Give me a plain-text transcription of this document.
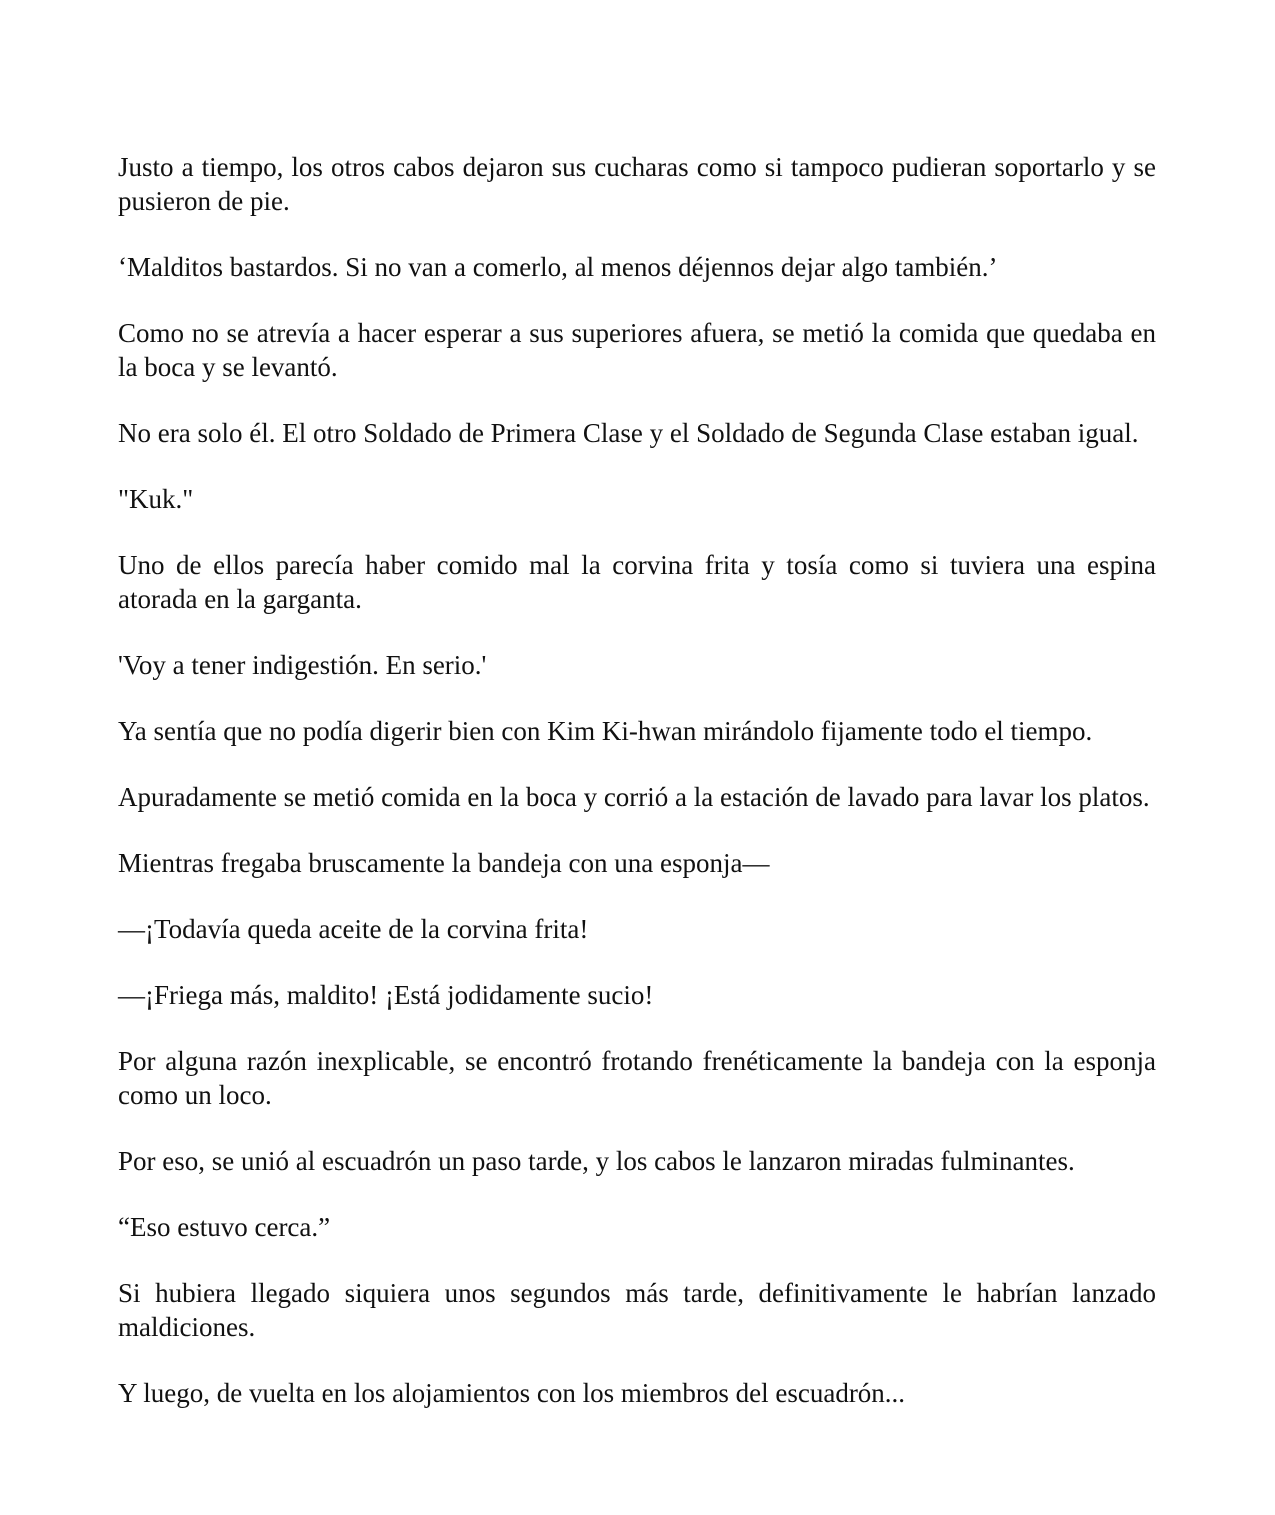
Justo a tiempo, los otros cabos dejaron sus cucharas como si tampoco pudieran soportarlo y se pusieron de pie.

‘Malditos bastardos. Si no van a comerlo, al menos déjennos dejar algo también.’

Como no se atrevía a hacer esperar a sus superiores afuera, se metió la comida que quedaba en la boca y se levantó.

No era solo él. El otro Soldado de Primera Clase y el Soldado de Segunda Clase estaban igual.

"Kuk."

Uno de ellos parecía haber comido mal la corvina frita y tosía como si tuviera una espina atorada en la garganta.

'Voy a tener indigestión. En serio.'

Ya sentía que no podía digerir bien con Kim Ki-hwan mirándolo fijamente todo el tiempo.

Apuradamente se metió comida en la boca y corrió a la estación de lavado para lavar los platos.

Mientras fregaba bruscamente la bandeja con una esponja—

—¡Todavía queda aceite de la corvina frita!

—¡Friega más, maldito! ¡Está jodidamente sucio!

Por alguna razón inexplicable, se encontró frotando frenéticamente la bandeja con la esponja como un loco.

Por eso, se unió al escuadrón un paso tarde, y los cabos le lanzaron miradas fulminantes.

“Eso estuvo cerca.”

Si hubiera llegado siquiera unos segundos más tarde, definitivamente le habrían lanzado maldiciones.

Y luego, de vuelta en los alojamientos con los miembros del escuadrón...
